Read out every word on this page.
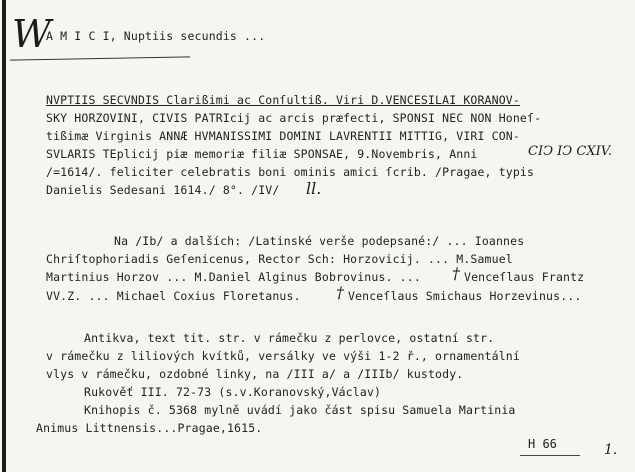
W
A M I C I, Nuptiis secundis ...
NVPTIIS SECVNDIS Clarißimi ac Conſultiß. Viri D.VENCESILAI KORANOV-
SKY HORZOVINI, CIVIS PATRIcij ac arcis præfecti, SPONSI NEC NON Honeſ-
tißimæ Virginis ANNÆ HVMANISSIMI DOMINI LAVRENTII MITTIG, VIRI CON-
SVLARIS TEplicij piæ memoriæ filiæ SPONSAE, 9.Novembris, Anni	CIϽ IϽ CXIV.
/=1614/. feliciter celebratis boni ominis amici ſcrib. /Pragae, typis
Danielis Sedesani 1614./ 8°. /IV/ ll.
Na /Ib/ a dalších: /Latinské verše podepsané:/ ... Ioannes
Chriſtophoriadis Geſenicenus, Rector Sch: Horzovicij. ... M.Samuel
Martinius Horzov ... M.Daniel Alginus Bobrovinus. ... † Venceſlaus Frantz
VV.Z. ... Michael Coxius Floretanus. † Venceſlaus Smichaus Horzevinus...
Antikva, text tit. str. v rámečku z perlovce, ostatní str.
v rámečku z liliových kvítků, versálky ve výši 1-2 ř., ornamentální
vlys v rámečku, ozdobné linky, na /III a/ a /IIIb/ kustody.
Rukověť III. 72-73 (s.v.Koranovský,Václav)
Knihopis č. 5368 mylně uvádí jako část spisu Samuela Martinia
Animus Littnensis...Pragae,1615.
H 66	1.
